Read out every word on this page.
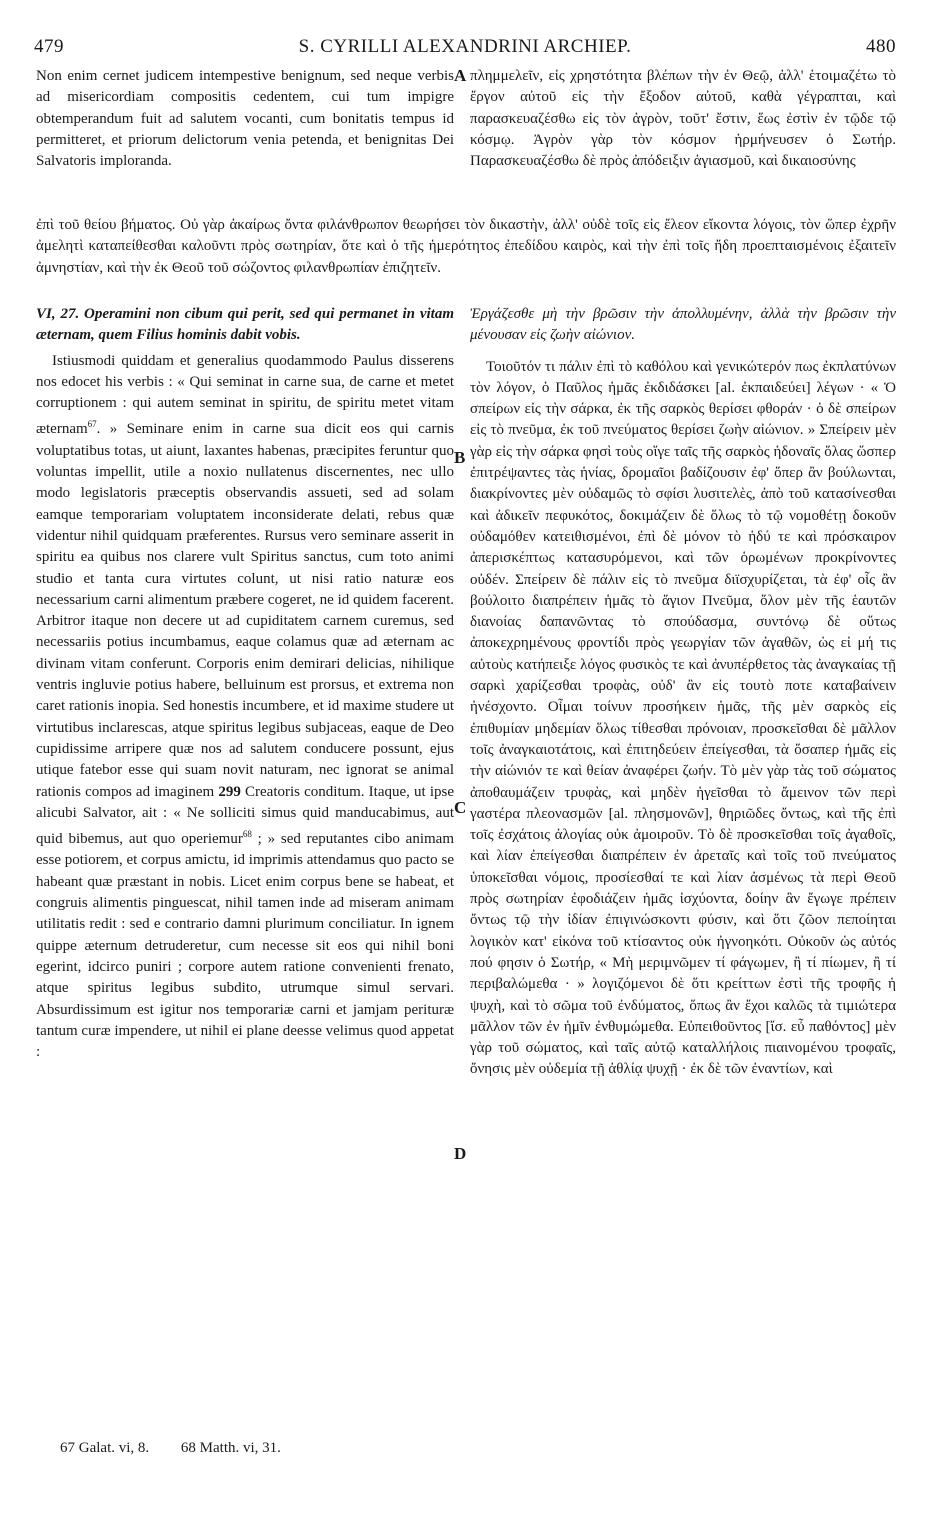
479	S. CYRILLI ALEXANDRINI ARCHIEP.	480

Non enim cernet judicem intempestive benignum, sed neque verbis ad misericordiam compositis cedentem, cui tum impigre obtemperandum fuit ad salutem vocanti, cum bonitatis tempus id permitteret, et priorum delictorum venia petenda, et benignitas Dei Salvatoris imploranda.

πλημμελεῖν, εἰς χρηστότητα βλέπων τὴν ἐν Θεῷ, ἀλλ' ἑτοιμαζέτω τὸ ἔργον αὐτοῦ εἰς τὴν ἔξοδον αὐτοῦ, καθὰ γέγραπται, καὶ παρασκευαζέσθω εἰς τὸν ἀγρὸν, τοῦτ' ἔστιν, ἕως ἐστὶν ἐν τῷδε τῷ κόσμῳ. Ἀγρὸν γὰρ τὸν κόσμον ἡρμήνευσεν ὁ Σωτήρ. Παρασκευαζέσθω δὲ πρὸς ἀπόδειξιν ἁγιασμοῦ, καὶ δικαιοσύνης

A

ἐπὶ τοῦ θείου βήματος. Οὐ γὰρ ἀκαίρως ὄντα φιλάνθρωπον θεωρήσει τὸν δικαστὴν, ἀλλ' οὐδὲ τοῖς εἰς ἔλεον εἴκοντα λόγοις, τὸν ὥπερ ἐχρῆν ἀμελητὶ καταπείθεσθαι καλοῦντι πρὸς σωτηρίαν, ὅτε καὶ ὁ τῆς ἡμερότητος ἐπεδίδου καιρὸς, καὶ τὴν ἐπὶ τοῖς ἤδη προεπταισμένοις ἐξαιτεῖν ἀμνηστίαν, καὶ τὴν ἐκ Θεοῦ τοῦ σώζοντος φιλανθρωπίαν ἐπιζητεῖν.

VI, 27. Operamini non cibum qui perit, sed qui permanet in vitam æternam, quem Filius hominis dabit vobis.

Istiusmodi quiddam et generalius quodammodo Paulus disserens nos edocet his verbis : « Qui seminat in carne sua, de carne et metet corruptionem : qui autem seminat in spiritu, de spiritu metet vitam æternam$^{67}$. » Seminare enim in carne sua dicit eos qui carnis voluptatibus totas, ut aiunt, laxantes habenas, præcipites feruntur quo voluntas impellit, utile a noxio nullatenus discernentes, nec ullo modo legislatoris præceptis observandis assueti, sed ad solam eamque temporariam voluptatem inconsiderate delati, rebus quæ videntur nihil quidquam præferentes. Rursus vero seminare asserit in spiritu ea quibus nos clarere vult Spiritus sanctus, cum toto animi studio et tanta cura virtutes colunt, ut nisi ratio naturæ eos necessarium carni alimentum præbere cogeret, ne id quidem facerent. Arbitror itaque non decere ut ad cupiditatem carnem curemus, sed necessariis potius incumbamus, eaque colamus quæ ad æternam ac divinam vitam conferunt. Corporis enim demirari delicias, nihilique ventris ingluvie potius habere, belluinum est prorsus, et extrema non caret rationis inopia. Sed honestis incumbere, et id maxime studere ut virtutibus inclarescas, atque spiritus legibus subjaceas, eaque de Deo cupidissime arripere quæ nos ad salutem conducere possunt, ejus utique fatebor esse qui suam novit naturam, nec ignorat se animal rationis compos ad imaginem 299 Creatoris conditum. Itaque, ut ipse alicubi Salvator, ait : « Ne solliciti simus quid manducabimus, aut quid bibemus, aut quo operiemur$^{68}$ ; » sed reputantes cibo animam esse potiorem, et corpus amictu, id imprimis attendamus quo pacto se habeant quæ præstant in nobis. Licet enim corpus bene se habeat, et congruis alimentis pinguescat, nihil tamen inde ad miseram animam utilitatis redit : sed e contrario damni plurimum conciliatur. In ignem quippe æternum detruderetur, cum necesse sit eos qui nihil boni egerint, idcirco puniri ; corpore autem ratione convenienti frenato, atque spiritus legibus subdito, utrumque simul servari. Absurdissimum est igitur nos temporariæ carni et jamjam perituræ tantum curæ impendere, ut nihil ei plane deesse velimus quod appetat :

Ἐργάζεσθε μὴ τὴν βρῶσιν τὴν ἀπολλυμένην, ἀλλὰ τὴν βρῶσιν τὴν μένουσαν εἰς ζωὴν αἰώνιον.

Τοιοῦτόν τι πάλιν ἐπὶ τὸ καθόλου καὶ γενικώτερόν πως ἐκπλατύνων τὸν λόγον, ὁ Παῦλος ἡμᾶς ἐκδιδάσκει [al. ἐκπαιδεύει] λέγων · « Ὁ σπείρων εἰς τὴν σάρκα, ἐκ τῆς σαρκὸς θερίσει φθοράν · ὁ δὲ σπείρων εἰς τὸ πνεῦμα, ἐκ τοῦ πνεύματος θερίσει ζωὴν αἰώνιον. » Σπείρειν μὲν γὰρ εἰς τὴν σάρκα φησὶ τοὺς οἵγε ταῖς τῆς σαρκὸς ἡδοναῖς ὅλας ὥσπερ ἐπιτρέψαντες τὰς ἡνίας, δρομαῖοι βαδίζουσιν ἐφ' ὅπερ ἂν βούλωνται, διακρίνοντες μὲν οὐδαμῶς τὸ σφίσι λυσιτελὲς, ἀπὸ τοῦ κατασίνεσθαι καὶ ἀδικεῖν πεφυκότος, δοκιμάζειν δὲ ὅλως τὸ τῷ νομοθέτῃ δοκοῦν οὐδαμόθεν κατειθισμένοι, ἐπὶ δὲ μόνον τὸ ἡδύ τε καὶ πρόσκαιρον ἀπερισκέπτως κατασυρόμενοι, καὶ τῶν ὁρωμένων προκρίνοντες οὐδέν. Σπείρειν δὲ πάλιν εἰς τὸ πνεῦμα διϊσχυρίζεται, τὰ ἐφ' οἷς ἂν βούλοιτο διαπρέπειν ἡμᾶς τὸ ἅγιον Πνεῦμα, ὅλον μὲν τῆς ἑαυτῶν διανοίας δαπανῶντας τὸ σπούδασμα, συντόνῳ δὲ οὕτως ἀποκεχρημένους φροντίδι πρὸς γεωργίαν τῶν ἀγαθῶν, ὡς εἰ μή τις αὐτοὺς κατήπειξε λόγος φυσικὸς τε καὶ ἀνυπέρθετος τὰς ἀναγκαίας τῇ σαρκὶ χαρίζεσθαι τροφὰς, οὐδ' ἂν εἰς τουτὸ ποτε καταβαίνειν ἠνέσχοντο. Οἶμαι τοίνυν προσήκειν ἡμᾶς, τῆς μὲν σαρκὸς εἰς ἐπιθυμίαν μηδεμίαν ὅλως τίθεσθαι πρόνοιαν, προσκεῖσθαι δὲ μᾶλλον τοῖς ἀναγκαιοτάτοις, καὶ ἐπιτηδεύειν ἐπείγεσθαι, τὰ ὅσαπερ ἡμᾶς εἰς τὴν αἰώνιόν τε καὶ θείαν ἀναφέρει ζωήν. Τὸ μὲν γὰρ τὰς τοῦ σώματος ἀποθαυμάζειν τρυφὰς, καὶ μηδὲν ἡγεῖσθαι τὸ ἄμεινον τῶν περὶ γαστέρα πλεονασμῶν [al. πλησμονῶν], θηριῶδες ὄντως, καὶ τῆς ἐπὶ τοῖς ἐσχάτοις ἀλογίας οὐκ ἀμοιροῦν. Τὸ δὲ προσκεῖσθαι τοῖς ἀγαθοῖς, καὶ λίαν ἐπείγεσθαι διαπρέπειν ἐν ἀρεταῖς καὶ τοῖς τοῦ πνεύματος ὑποκεῖσθαι νόμοις, προσίεσθαί τε καὶ λίαν ἀσμένως τὰ περὶ Θεοῦ πρὸς σωτηρίαν ἐφοδιάζειν ἡμᾶς ἰσχύοντα, δοίην ἂν ἔγωγε πρέπειν ὄντως τῷ τὴν ἰδίαν ἐπιγινώσκοντι φύσιν, καὶ ὅτι ζῶον πεποίηται λογικὸν κατ' εἰκόνα τοῦ κτίσαντος οὐκ ἠγνοηκότι. Οὐκοῦν ὡς αὐτός πού φησιν ὁ Σωτήρ, « Μὴ μεριμνῶμεν τί φάγωμεν, ἢ τί πίωμεν, ἢ τί περιβαλώμεθα · » λογιζόμενοι δὲ ὅτι κρείττων ἐστὶ τῆς τροφῆς ἡ ψυχὴ, καὶ τὸ σῶμα τοῦ ἐνδύματος, ὅπως ἂν ἔχοι καλῶς τὰ τιμιώτερα μᾶλλον τῶν ἐν ἡμῖν ἐνθυμώμεθα. Εὐπειθοῦντος [ἴσ. εὖ παθόντος] μὲν γὰρ τοῦ σώματος, καὶ ταῖς αὐτῷ καταλλήλοις πιαινομένου τροφαῖς, ὄνησις μὲν οὐδεμία τῇ ἀθλίᾳ ψυχῇ · ἐκ δὲ τῶν ἐναντίων, καὶ

B
C
D
67 Galat. vi, 8. 68 Matth. vi, 31.
